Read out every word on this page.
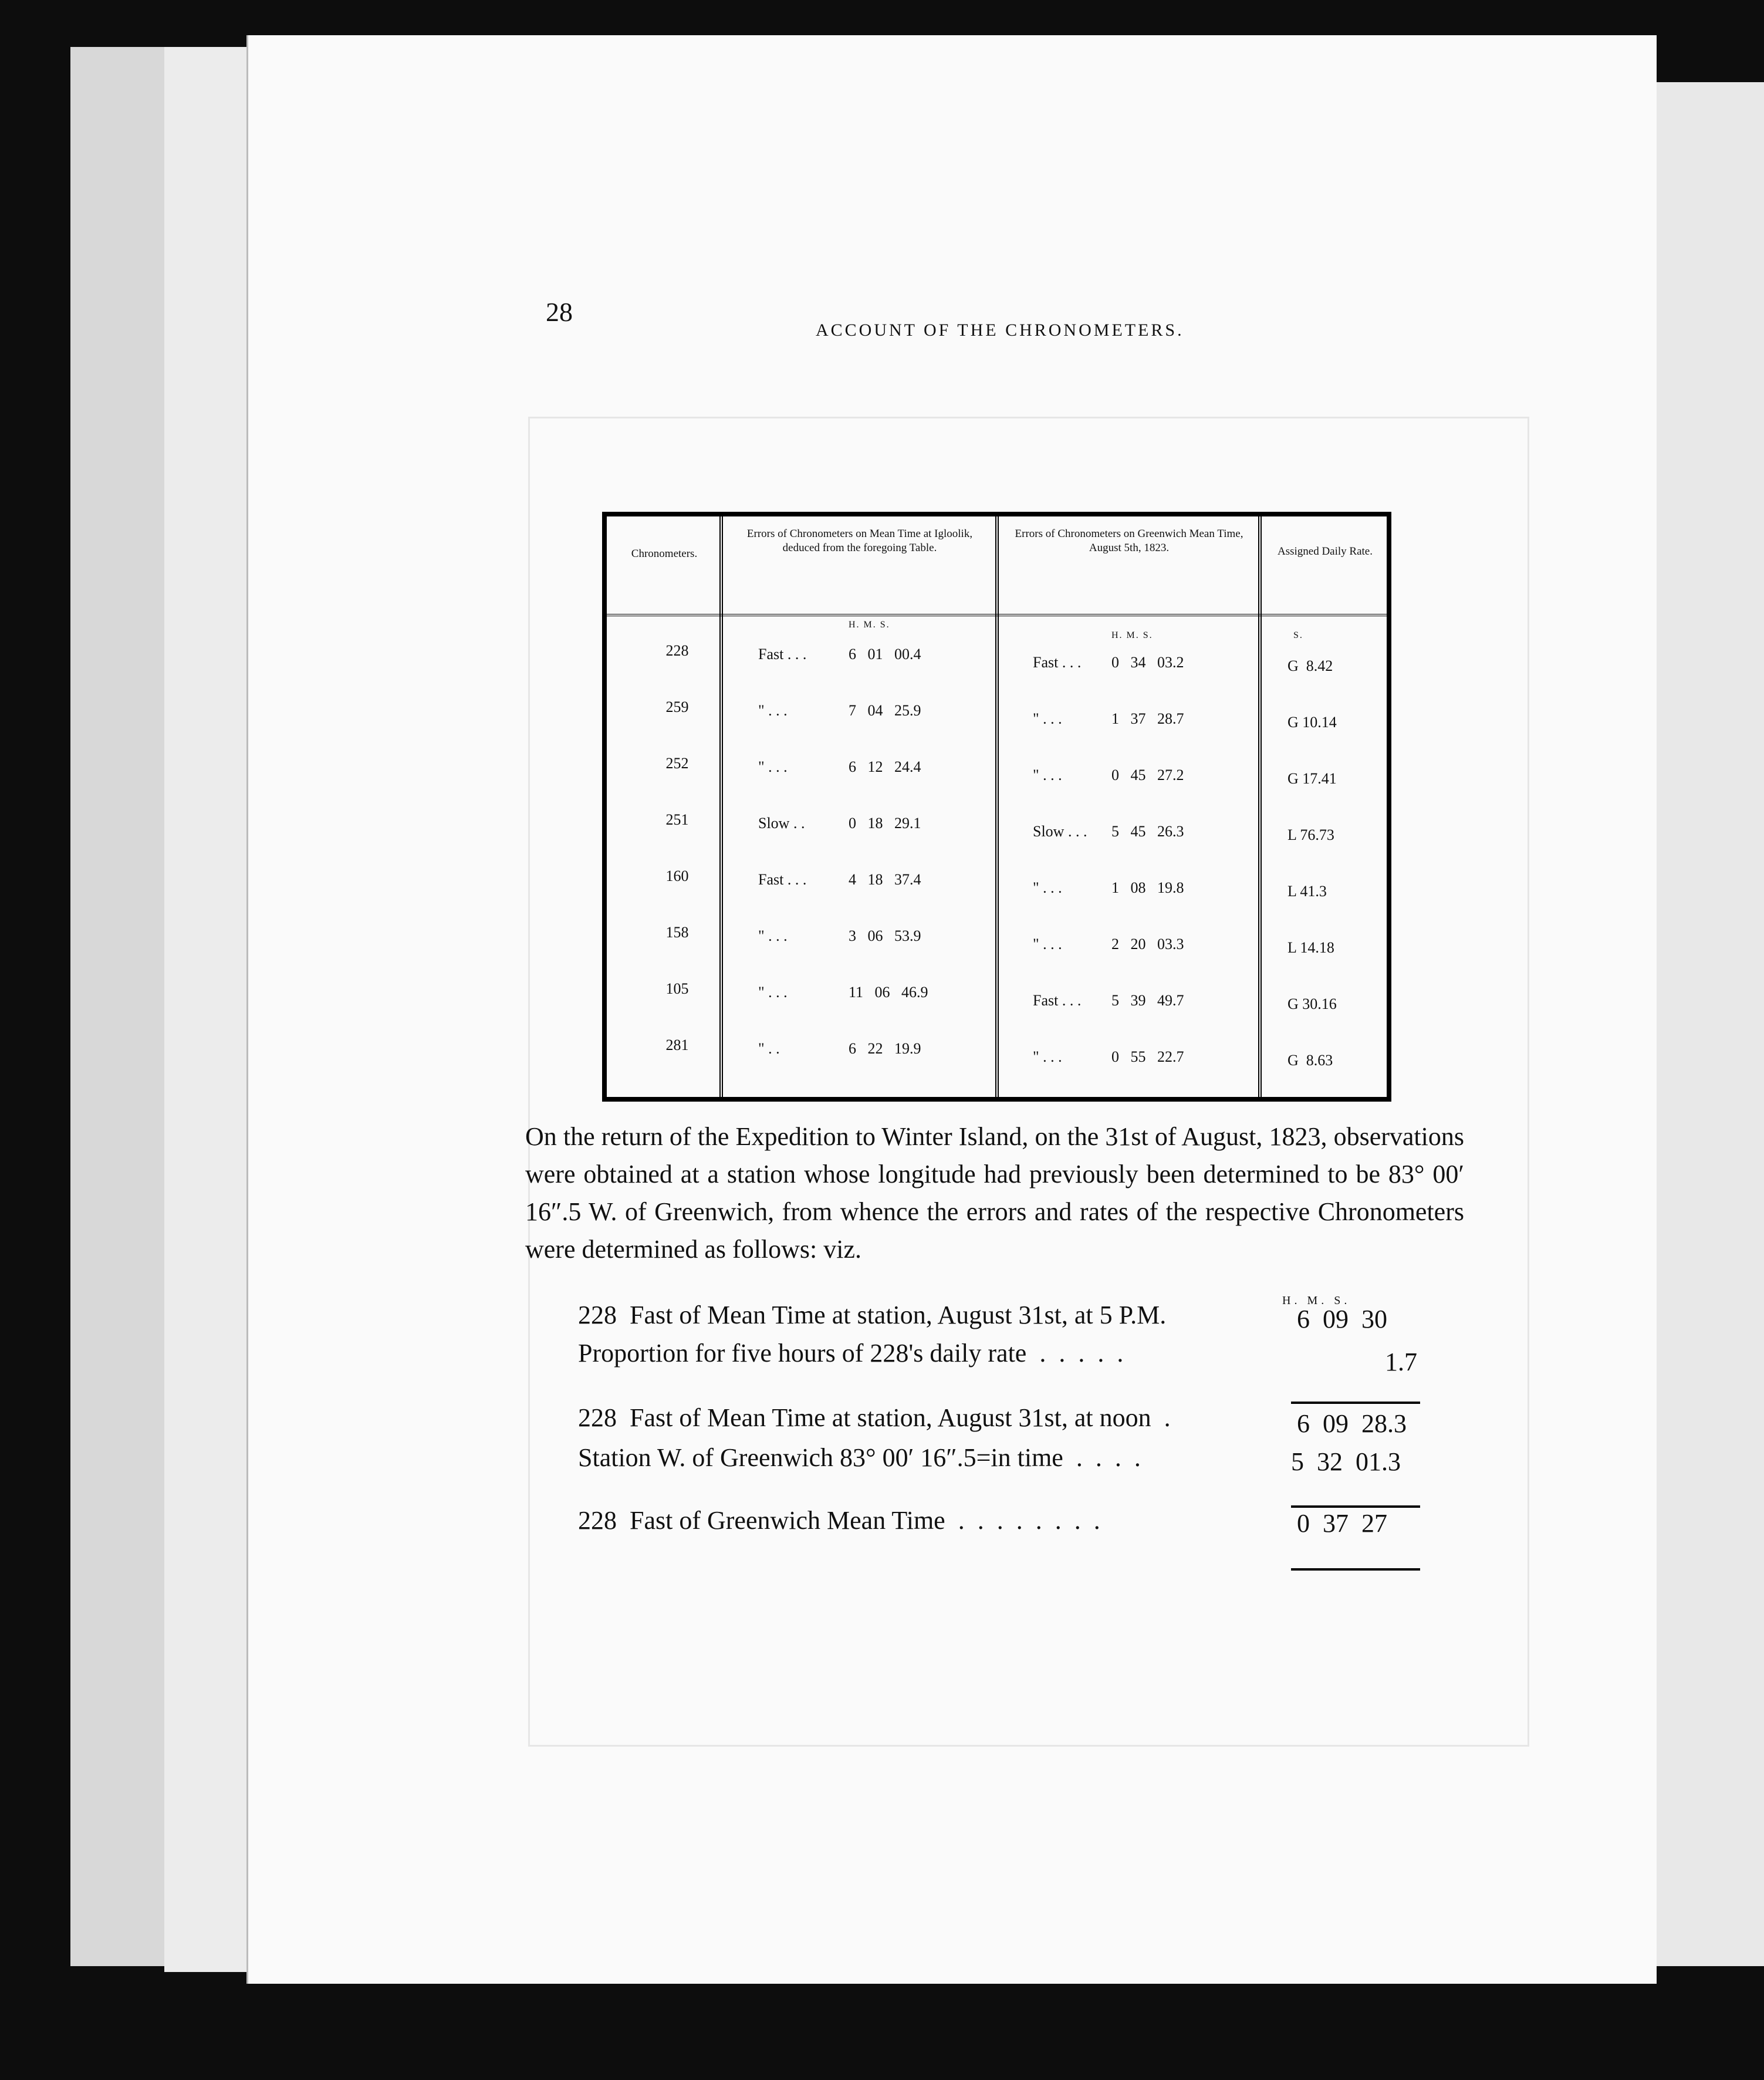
28
ACCOUNT OF THE CHRONOMETERS.
Chronometers.
Errors of Chronometers on Mean Time at Igloolik, deduced from the foregoing Table.
Errors of Chronometers on Greenwich Mean Time, August 5th, 1823.	Assigned Daily Rate.
H. M. S.
H. M. S.	S.
228	Fast . . .	6   01   00.4	Fast . . . 0   34   03.2	G  8.42
259	" . . .	7   04   25.9	" . . .	1   37   28.7	G 10.14
252	" . . .	6   12   24.4	" . . .	0   45   27.2	G 17.41
251	Slow . .	0   18   29.1	Slow . . . 5   45   26.3	L 76.73
160	Fast . . .	4   18   37.4	" . . .	1   08   19.8	L 41.3
158	" . . .	3   06   53.9	" . . .	2   20   03.3	L 14.18
105	" . . .	11   06   46.9	Fast . . . 5   39   49.7	G 30.16
281	" . .	6   22   19.9	" . . .	0   55   22.7	G  8.63
On the return of the Expedition to Winter Island, on the 31st of August, 1823, observations were obtained at a station whose longitude had previously been determined to be 83° 00′ 16″.5 W. of Greenwich, from whence the errors and rates of the respective Chronometers were determined as follows: viz.
H. M. S.
228  Fast of Mean Time at station, August 31st, at 5 P.M.	6  09  30
Proportion for five hours of 228's daily rate  .  .  .  .  .	1.7
228  Fast of Mean Time at station, August 31st, at noon  .	6  09  28.3
Station W. of Greenwich 83° 00′ 16″.5=in time  .  .  .  .	5  32  01.3
228  Fast of Greenwich Mean Time  .  .  .  .  .  .  .  .	0  37  27
